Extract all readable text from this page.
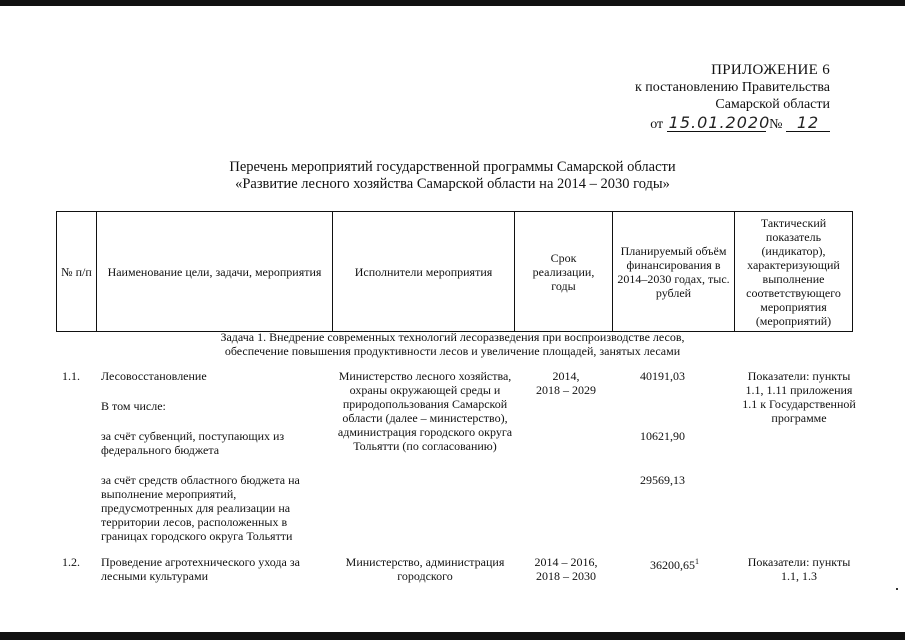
ПРИЛОЖЕНИЕ 6
к постановлению Правительства
Самарской области
от 15.01.2020 № 12
Перечень мероприятий государственной программы Самарской области
«Развитие лесного хозяйства Самарской области на 2014 – 2030 годы»
№ п/п Наименование цели, задачи, мероприятия	Исполнители мероприятия
Срок реализации, годы
Планируемый объём финансирования в 2014–2030 годах, тыс. рублей
Тактический показатель (индикатор), характеризующий выполнение соответствующего мероприятия (мероприятий)
Задача 1. Внедрение современных технологий лесоразведения при воспроизводстве лесов,
обеспечение повышения продуктивности лесов и увеличение площадей, занятых лесами
1.1. Лесовосстановление
В том числе:
за счёт субвенций, поступающих из федерального бюджета
за счёт средств областного бюджета на выполнение мероприятий, предусмотренных для реализации на территории лесов, расположенных в границах городского округа Тольятти
Министерство лесного хозяйства, охраны окружающей среды и природопользования Самарской области (далее – министерство), администрация городского округа Тольятти (по согласованию)
2014,
2018 – 2029
40191,03
10621,90
29569,13
Показатели: пункты 1.1, 1.11 приложения 1.1 к Государственной программе
1.2. Проведение агротехнического ухода за лесными культурами
Министерство, администрация городского
2014 – 2016,
2018 – 2030
36200,65$^1$	Показатели: пункты 1.1, 1.3
